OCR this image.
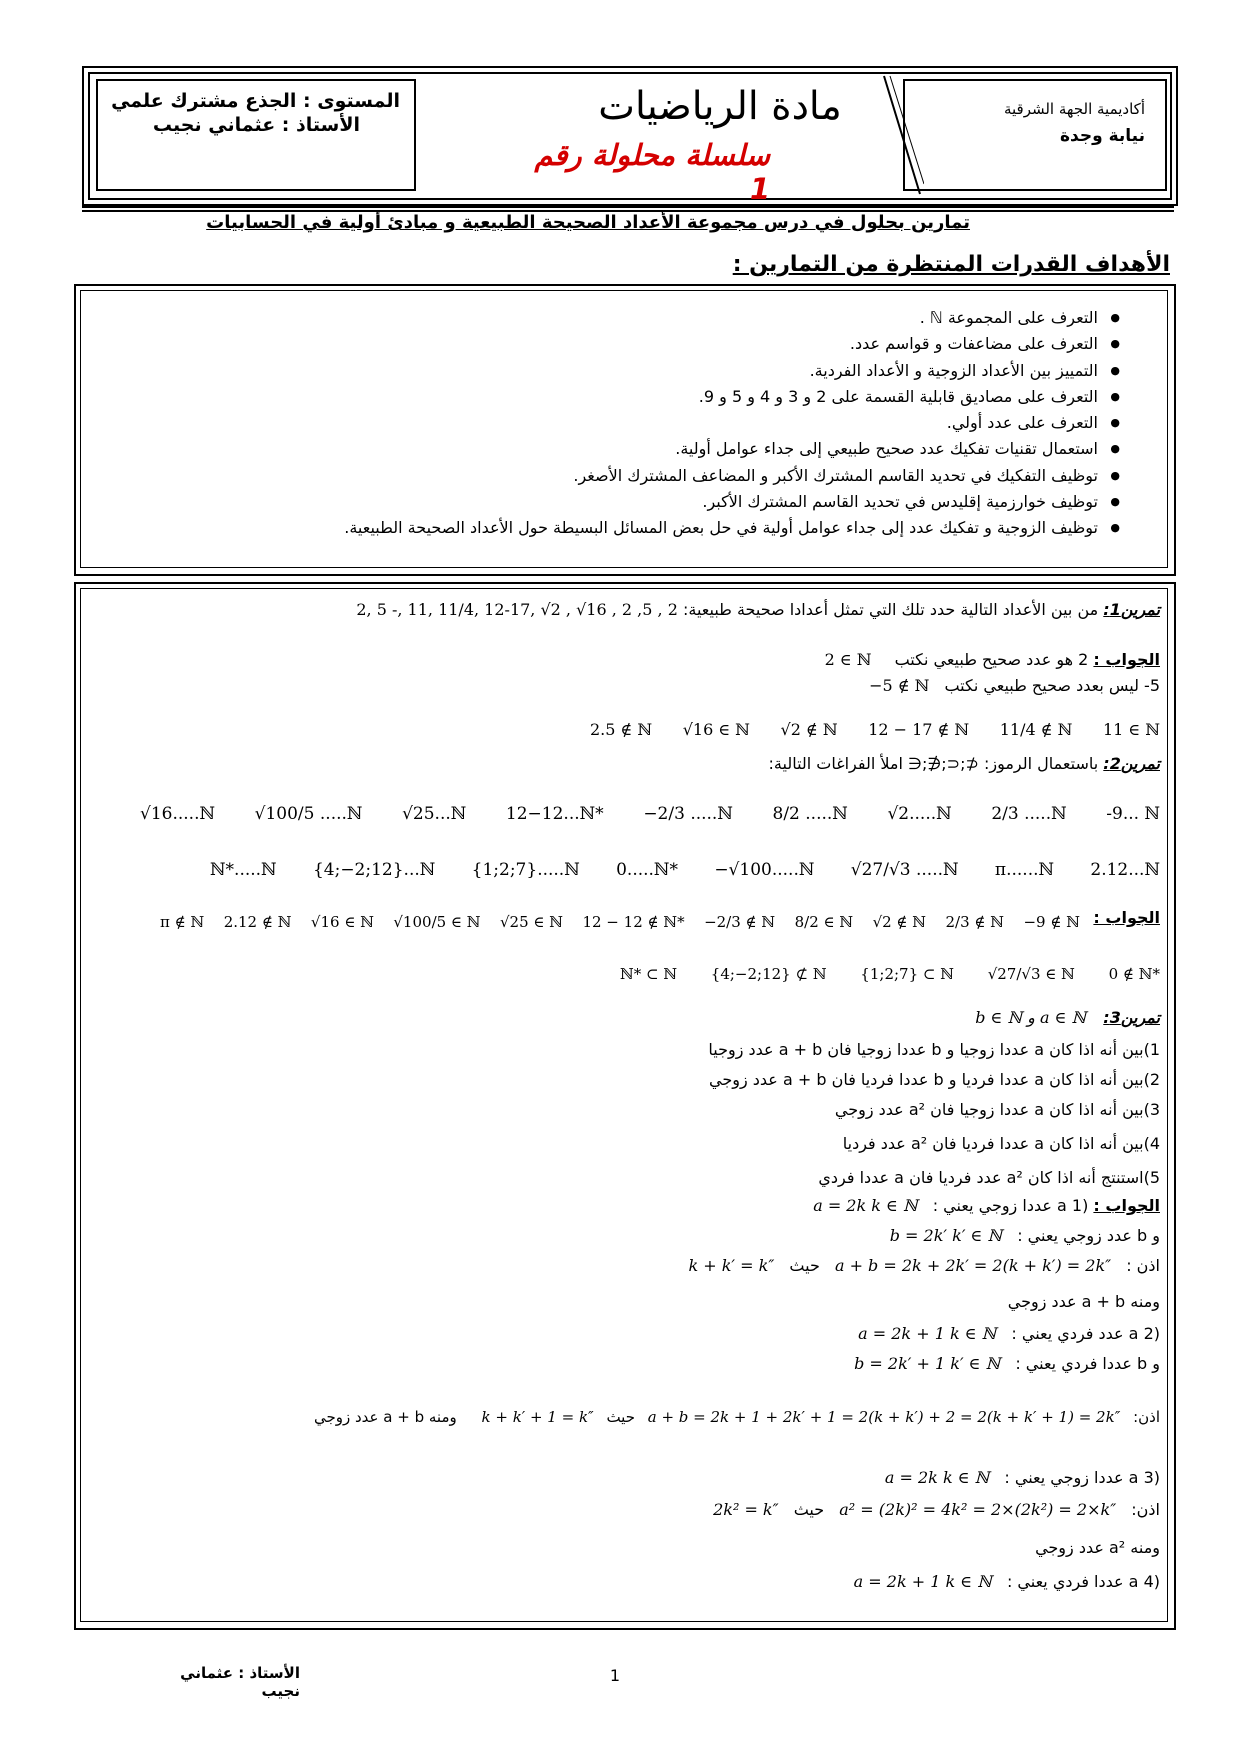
أكاديمية الجهة الشرقية
نيابة وجدة
مادة الرياضيات
سلسلة محلولة رقم 1
المستوى : الجذع مشترك علمي
الأستاذ : عثماني نجيب
تمارين بحلول في درس مجموعة الأعداد الصحيحة الطبيعية و مبادئ أولية في الحسابيات
الأهداف القدرات المنتظرة من التمارين :
● التعرف على المجموعة ℕ .
● التعرف على مضاعفات و قواسم عدد.
● التمييز بين الأعداد الزوجية و الأعداد الفردية.
● التعرف على مصاديق قابلية القسمة على 2 و 3 و 4 و 5 و 9.
● التعرف على عدد أولي.
● استعمال تقنيات تفكيك عدد صحيح طبيعي إلى جداء عوامل أولية.
● توظيف التفكيك في تحديد القاسم المشترك الأكبر و المضاعف المشترك الأصغر.
● توظيف خوارزمية إقليدس في تحديد القاسم المشترك الأكبر.
● توظيف الزوجية و تفكيك عدد إلى جداء عوامل أولية في حل بعض المسائل البسيطة حول الأعداد الصحيحة الطبيعية.
تمرين1: من بين الأعداد التالية حدد تلك التي تمثل أعدادا صحيحة طبيعية: 2, 5 -, 11, 11/4, 12-17, √2 , √16 , 2 ,5 , 2
الجواب : 2 هو عدد صحيح طبيعي نكتب 2 ∈ ℕ
5- ليس بعدد صحيح طبيعي نكتب −5 ∉ ℕ
11 ∈ ℕ
11/4 ∉ ℕ
12 − 17 ∉ ℕ
√2 ∉ ℕ
√16 ∈ ℕ
2.5 ∉ ℕ
تمرين2: باستعمال الرموز: ⊄;⊂;∉;∈ املأ الفراغات التالية:
-9... ℕ
2/3 .....ℕ
√2.....ℕ
8/2 .....ℕ
−2/3 .....ℕ
12−12...ℕ*
√25...ℕ
√100/5 .....ℕ
√16.....ℕ
2.12...ℕ
π......ℕ
√27/√3 .....ℕ
−√100.....ℕ
0.....ℕ*
{1;2;7}.....ℕ
{4;−2;12}...ℕ
ℕ*.....ℕ
الجواب :
−9 ∉ ℕ
2/3 ∉ ℕ
√2 ∉ ℕ
8/2 ∈ ℕ
−2/3 ∉ ℕ
12 − 12 ∉ ℕ*
√25 ∈ ℕ
√100/5 ∈ ℕ
√16 ∈ ℕ
2.12 ∉ ℕ
π ∉ ℕ
0 ∉ ℕ*
√27/√3 ∈ ℕ
{1;2;7} ⊂ ℕ
{4;−2;12} ⊄ ℕ
ℕ* ⊂ ℕ
تمرين3: a ∈ ℕ و b ∈ ℕ
1)بين أنه اذا كان a عددا زوجيا و b عددا زوجيا فان a + b عدد زوجيا
2)بين أنه اذا كان a عددا فرديا و b عددا فرديا فان a + b عدد زوجي
3)بين أنه اذا كان a عددا زوجيا فان a² عدد زوجي
4)بين أنه اذا كان a عددا فرديا فان a² عدد فرديا
5)استنتج أنه اذا كان a² عدد فرديا فان a عددا فردي
الجواب : (1 a عددا زوجي يعني : a = 2k k ∈ ℕ
و b عدد زوجي يعني : b = 2k′ k′ ∈ ℕ
اذن : a + b = 2k + 2k′ = 2(k + k′) = 2k″ حيث k + k′ = k″
ومنه a + b عدد زوجي
(2 a عدد فردي يعني : a = 2k + 1 k ∈ ℕ
و b عددا فردي يعني : b = 2k′ + 1 k′ ∈ ℕ
اذن: a + b = 2k + 1 + 2k′ + 1 = 2(k + k′) + 2 = 2(k + k′ + 1) = 2k″ حيث k + k′ + 1 = k″ ومنه a + b عدد زوجي
(3 a عددا زوجي يعني : a = 2k k ∈ ℕ
اذن: a² = (2k)² = 4k² = 2×(2k²) = 2×k″ حيث 2k² = k″
ومنه a² عدد زوجي
(4 a عددا فردي يعني : a = 2k + 1 k ∈ ℕ
الأستاذ : عثماني نجيب
1
